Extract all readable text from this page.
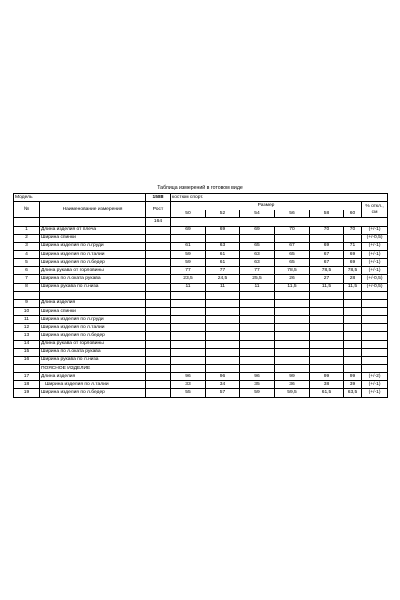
Таблица измерений в готовом виде
Модель		1588	костюм спорт.						
№	Наименование измерения	Рост	Размер						% откл., см
			50	52	54	56	58	60	
		164							
1	Длина изделия от плеча		69	69	69	70	70	70	(+/-1)
2	Ширина спинки								(+/-0,5)
3	Ширина изделия по л.груди		61	63	65	67	69	71	(+/-1)
4	Ширина изделия по л.талии		59	61	63	65	67	69	(+/-1)
5	Ширина изделия по л.бедер		59	61	63	65	67	69	(+/-1)
6	Длина рукава от горловины		77	77	77	78,5	78,5	78,5	(+/-1)
7	Ширина по л.оката рукава		23,5	24,5	25,5	26	27	28	(+/-0,5)
8	Ширина рукава по л.низа		11	11	11	11,5	11,5	11,5	(+/-0,5)

9	Длина изделия								
10	Ширина спинки								
11	Ширина изделия по л.груди								
12	Ширина изделия по л.талии								
13	Ширина изделия по л.бедер								
14	Длина рукава от горловины								
15	Ширина по л.оката рукава								
16	Ширина рукава по л.низа								
	ПОЯСНОЕ ИЗДЕЛИЕ								
17	Длина изделия		96	96	96	99	99	99	(+/-2)
18	Ширина изделия по л.талии		33	34	35	36	38	39	(+/-1)
19	Ширина изделия по л.бедер		55	57	59	59,5	61,5	63,5	(+/-1)
